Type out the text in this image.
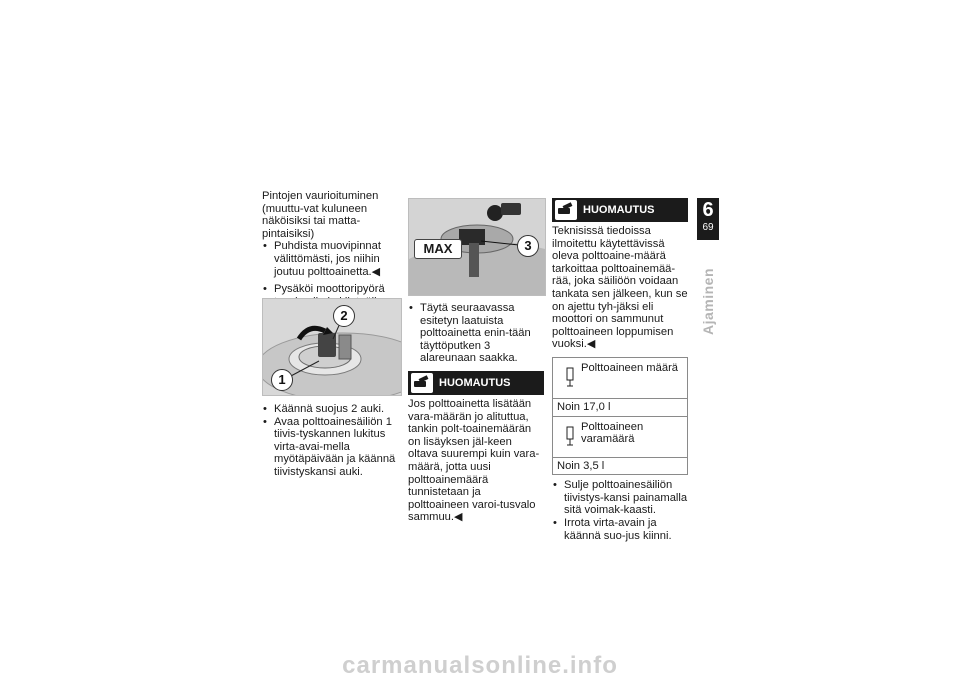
Pintojen vaurioituminen (muuttu-vat kuluneen näköisiksi tai matta-pintaisiksi)

• Puhdista muovipinnat välittömästi, jos niihin joutuu polttoainetta.◀

• Pysäköi moottoripyörä

2
1

• Käännä suojus 2 auki.

• Avaa polttoainesäiliön 1 tiivis-tyskannen lukitus virta-avai-mella myötäpäivään ja käännä tiivistyskansi auki.

MAX	3

• Täytä seuraavassa esitetyn laatuista polttoainetta enin-tään täyttöputken 3 alareunaan saakka.

HUOMAUTUS

Jos polttoainetta lisätään vara-määrän jo alituttua, tankin polt-toainemäärän on lisäyksen jäl-keen oltava suurempi kuin vara-määrä, jotta uusi polttoainemäärä tunnistetaan ja polttoaineen varoi-tusvalo sammuu.◀

HUOMAUTUS

Teknisissä tiedoissa ilmoitettu käytettävissä oleva polttoaine-määrä tarkoittaa polttoainemää-rää, joka säiliöön voidaan tankata sen jälkeen, kun se on ajettu tyh-jäksi eli moottori on sammunut polttoaineen loppumisen vuoksi.◀

Polttoaineen määrä

Noin 17,0 l

Polttoaineen varamäärä

Noin 3,5 l

• Sulje polttoainesäiliön tiivistys-kansi painamalla sitä voimak-kaasti.

• Irrota virta-avain ja käännä suo-jus kiinni.

6
69
Ajaminen
carmanualsonline.info
